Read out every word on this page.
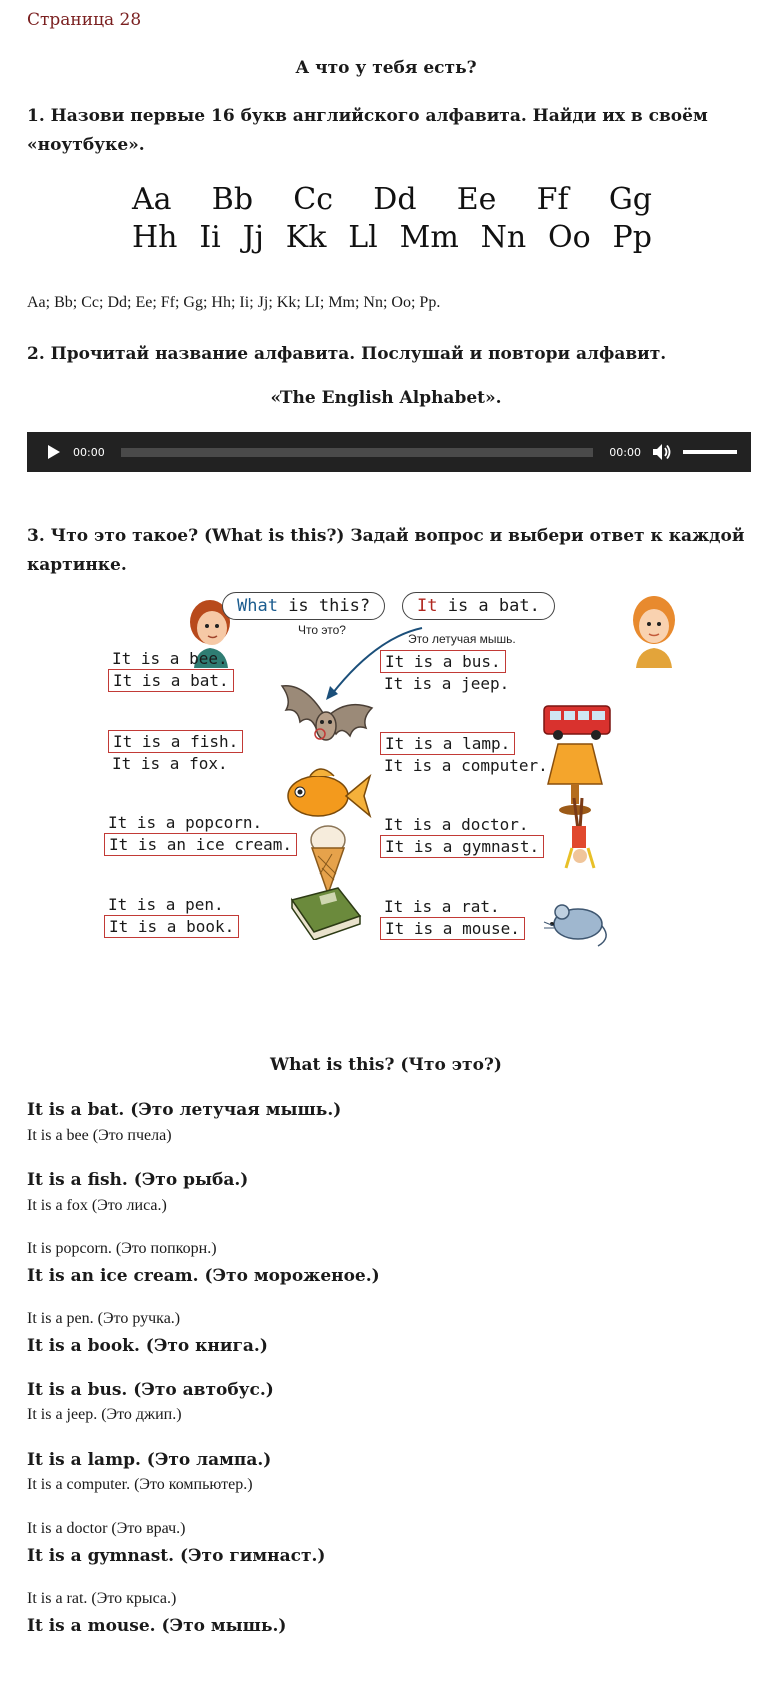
Страница 28
А что у тебя есть?
1. Назови первые 16 букв английского алфавита. Найди их в своём «ноутбуке».
Aa Bb Cc Dd Ee Ff Gg
Hh Ii Jj Kk Ll Mm Nn Oo Pp
Aa; Bb; Cc; Dd; Ee; Ff; Gg; Hh; Ii; Jj; Kk; LI; Mm; Nn; Oo; Pp.
2. Прочитай название алфавита. Послушай и повтори алфавит.
«The English Alphabet».
00:00	00:00
3. Что это такое? (What is this?) Задай вопрос и выбери ответ к каждой картинке.
What is this?
Что это?
It is a bat.
Это летучая мышь.
It is a bee.
It is a bat.
It is a fish.
It is a fox.
It is a popcorn.
It is an ice cream.
It is a pen.
It is a book.
It is a bus.
It is a jeep.
It is a lamp.
It is a computer.
It is a doctor.
It is a gymnast.
It is a rat.
It is a mouse.
What is this? (Что это?)
It is a bat. (Это летучая мышь.)
It is a bee (Это пчела)
It is a fish. (Это рыба.)
It is a fox (Это лиса.)
It is popcorn. (Это попкорн.)
It is an ice cream. (Это мороженое.)
It is a pen. (Это ручка.)
It is a book. (Это книга.)
It is a bus. (Это автобус.)
It is a jeep. (Это джип.)
It is a lamp. (Это лампа.)
It is a computer. (Это компьютер.)
It is a doctor (Это врач.)
It is a gymnast. (Это гимнаст.)
It is a rat. (Это крыса.)
It is a mouse. (Это мышь.)
